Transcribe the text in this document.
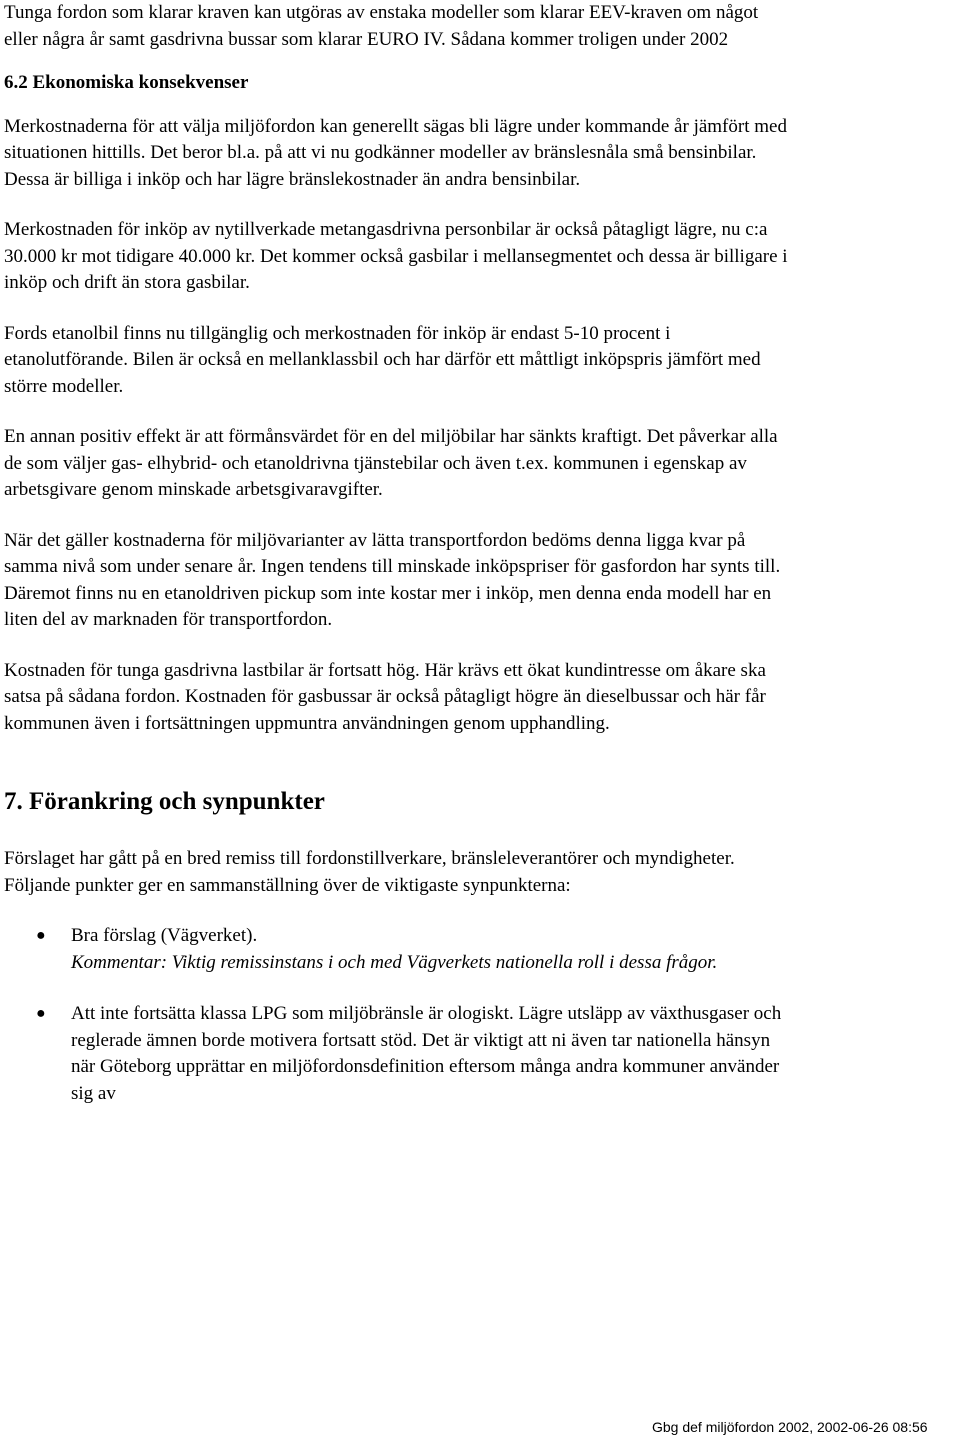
Tunga fordon som klarar kraven kan utgöras av enstaka modeller som klarar EEV-kraven om något eller några år samt gasdrivna bussar som klarar EURO IV. Sådana kommer troligen under 2002

6.2 Ekonomiska konsekvenser

Merkostnaderna för att välja miljöfordon kan generellt sägas bli lägre under kommande år jämfört med situationen hittills. Det beror bl.a. på att vi nu godkänner modeller av bränslesnåla små bensinbilar. Dessa är billiga i inköp och har lägre bränslekostnader än andra bensinbilar.

Merkostnaden för inköp av nytillverkade metangasdrivna personbilar är också påtagligt lägre, nu c:a 30.000 kr mot tidigare 40.000 kr. Det kommer också gasbilar i mellansegmentet och dessa är billigare i inköp och drift än stora gasbilar.

Fords etanolbil finns nu tillgänglig och merkostnaden för inköp är endast 5-10 procent i etanolutförande. Bilen är också en mellanklassbil och har därför ett måttligt inköpspris jämfört med större modeller.

En annan positiv effekt är att förmånsvärdet för en del miljöbilar har sänkts kraftigt. Det påverkar alla de som väljer gas- elhybrid- och etanoldrivna tjänstebilar och även t.ex. kommunen i egenskap av arbetsgivare genom minskade arbetsgivaravgifter.

När det gäller kostnaderna för miljövarianter av lätta transportfordon bedöms denna ligga kvar på samma nivå som under senare år. Ingen tendens till minskade inköpspriser för gasfordon har synts till. Däremot finns nu en etanoldriven pickup som inte kostar mer i inköp, men denna enda modell har en liten del av marknaden för transportfordon.

Kostnaden för tunga gasdrivna lastbilar är fortsatt hög. Här krävs ett ökat kundintresse om åkare ska satsa på sådana fordon. Kostnaden för gasbussar är också påtagligt högre än dieselbussar och här får kommunen även i fortsättningen uppmuntra användningen genom upphandling.

7. Förankring och synpunkter

Förslaget har gått på en bred remiss till fordonstillverkare, bränsleleverantörer och myndigheter. Följande punkter ger en sammanställning över de viktigaste synpunkterna:

● Bra förslag (Vägverket).

Kommentar: Viktig remissinstans i och med Vägverkets nationella roll i dessa frågor.

● Att inte fortsätta klassa LPG som miljöbränsle är ologiskt. Lägre utsläpp av växthusgaser och reglerade ämnen borde motivera fortsatt stöd. Det är viktigt att ni även tar nationella hänsyn när Göteborg upprättar en miljöfordonsdefinition eftersom många andra kommuner använder sig av

Gbg def miljöfordon 2002, 2002-06-26 08:56
